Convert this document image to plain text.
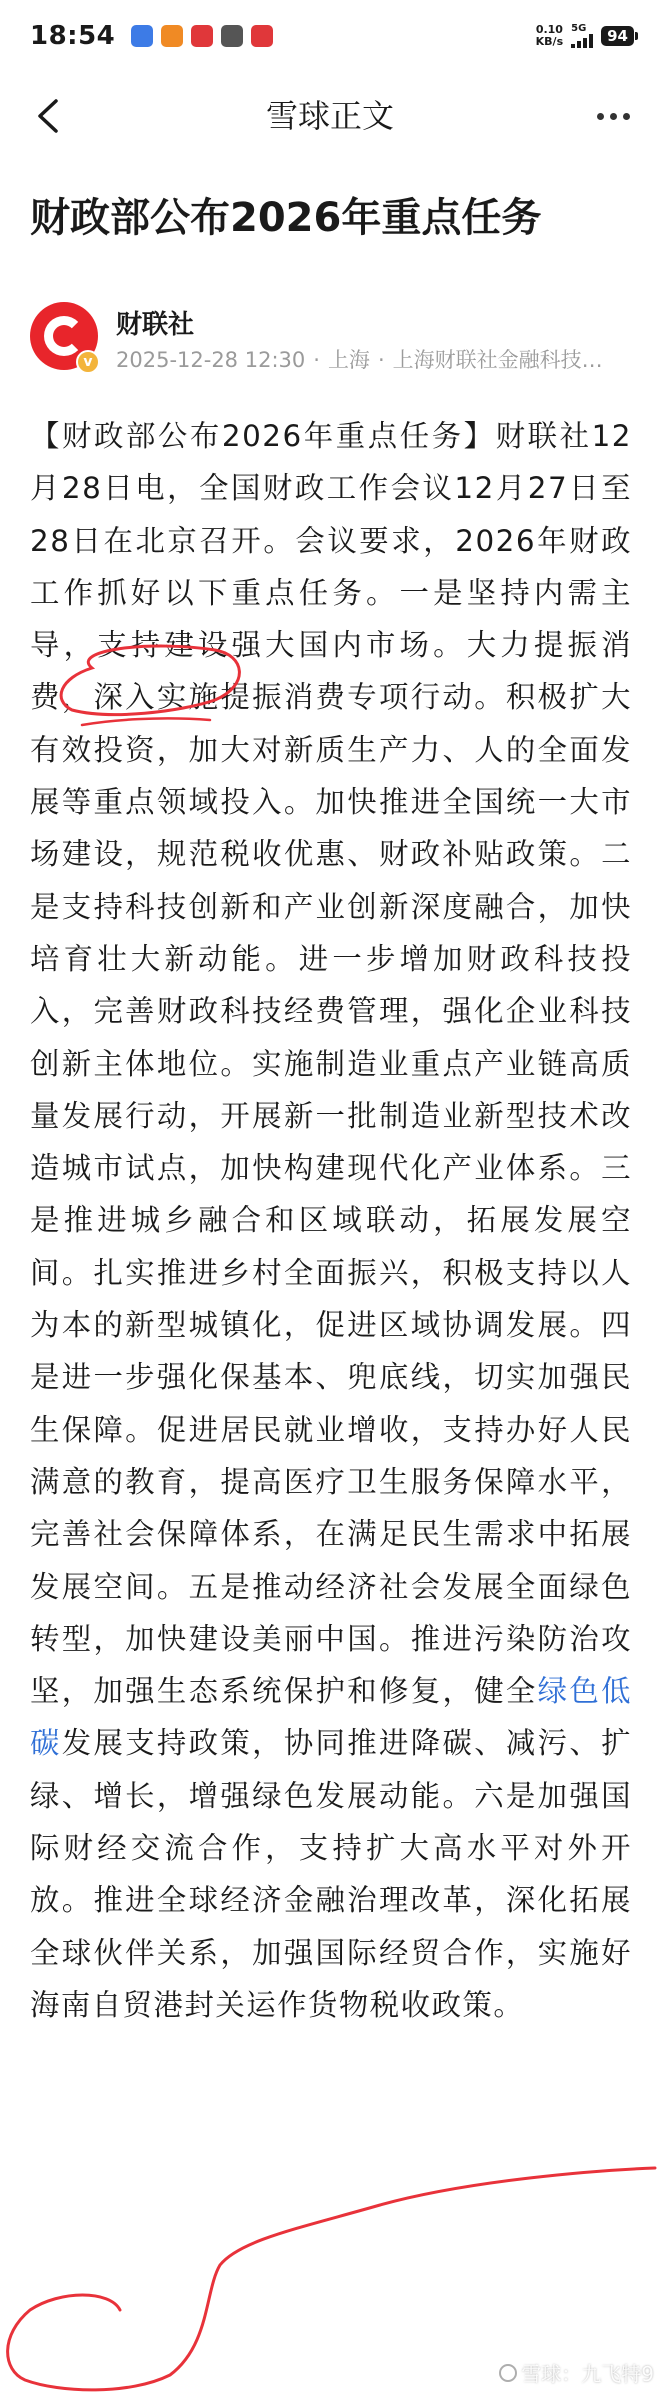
18:54	0.10
KB/s
5G	94
雪球正文
财政部公布2026年重点任务
v
财联社
2025-12-28 12:30 · 上海 · 上海财联社金融科技…
【财政部公布2026年重点任务】财联社12月28日电，全国财政工作会议12月27日至28日在北京召开。会议要求，2026年财政工作抓好以下重点任务。一是坚持内需主导，支持建设强大国内市场。大力提振消费，深入实施提振消费专项行动。积极扩大有效投资，加大对新质生产力、人的全面发展等重点领域投入。加快推进全国统一大市场建设，规范税收优惠、财政补贴政策。二是支持科技创新和产业创新深度融合，加快培育壮大新动能。进一步增加财政科技投入，完善财政科技经费管理，强化企业科技创新主体地位。实施制造业重点产业链高质量发展行动，开展新一批制造业新型技术改造城市试点，加快构建现代化产业体系。三是推进城乡融合和区域联动，拓展发展空间。扎实推进乡村全面振兴，积极支持以人为本的新型城镇化，促进区域协调发展。四是进一步强化保基本、兜底线，切实加强民生保障。促进居民就业增收，支持办好人民满意的教育，提高医疗卫生服务保障水平，完善社会保障体系，在满足民生需求中拓展发展空间。五是推动经济社会发展全面绿色转型，加快建设美丽中国。推进污染防治攻坚，加强生态系统保护和修复，健全绿色低碳发展支持政策，协同推进降碳、减污、扩绿、增长，增强绿色发展动能。六是加强国际财经交流合作，支持扩大高水平对外开放。推进全球经济金融治理改革，深化拓展全球伙伴关系，加强国际经贸合作，实施好海南自贸港封关运作货物税收政策。
雪球：九飞特9
